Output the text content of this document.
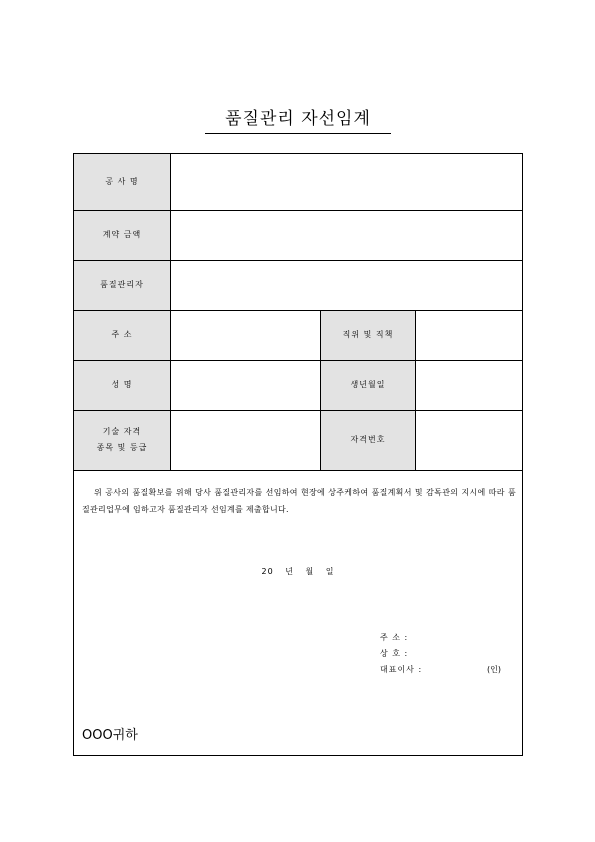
품질관리 자선임계
공 사 명
계약 금액
품질관리자
주 소
성 명
기술 자격
종목 및 등급
직위 및 직책
생년월일
자격번호
위 공사의 품질확보를 위해 당사 품질관리자를 선임하여 현장에 상주케하여 품질계획서 및 감독관의 지시에 따라 품질관리업무에 임하고자 품질관리자 선임계를 제출합니다.
20 년 월 일
주 소 :
상 호 :
대표이사 :	(인)
OOO귀하
